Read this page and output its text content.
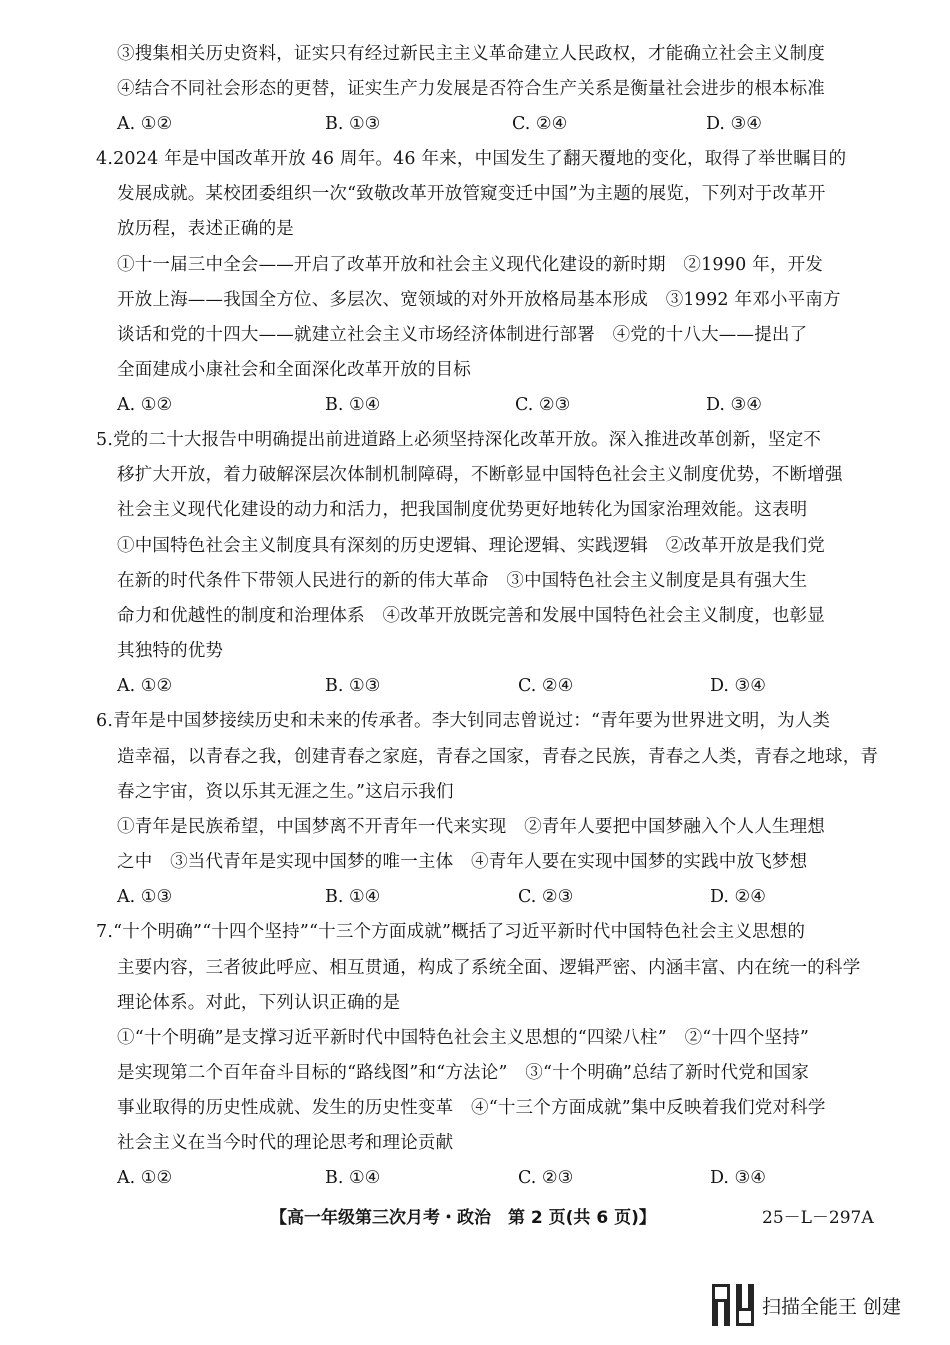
③搜集相关历史资料，证实只有经过新民主主义革命建立人民政权，才能确立社会主义制度
④结合不同社会形态的更替，证实生产力发展是否符合生产关系是衡量社会进步的根本标准
4.2024 年是中国改革开放 46 周年。46 年来，中国发生了翻天覆地的变化，取得了举世瞩目的
发展成就。某校团委组织一次“致敬改革开放管窥变迁中国”为主题的展览，下列对于改革开
放历程，表述正确的是
①十一届三中全会——开启了改革开放和社会主义现代化建设的新时期　②1990 年，开发
开放上海——我国全方位、多层次、宽领域的对外开放格局基本形成　③1992 年邓小平南方
谈话和党的十四大——就建立社会主义市场经济体制进行部署　④党的十八大——提出了
全面建成小康社会和全面深化改革开放的目标
5.党的二十大报告中明确提出前进道路上必须坚持深化改革开放。深入推进改革创新，坚定不
移扩大开放，着力破解深层次体制机制障碍，不断彰显中国特色社会主义制度优势，不断增强
社会主义现代化建设的动力和活力，把我国制度优势更好地转化为国家治理效能。这表明
①中国特色社会主义制度具有深刻的历史逻辑、理论逻辑、实践逻辑　②改革开放是我们党
在新的时代条件下带领人民进行的新的伟大革命　③中国特色社会主义制度是具有强大生
命力和优越性的制度和治理体系　④改革开放既完善和发展中国特色社会主义制度，也彰显
其独特的优势
6.青年是中国梦接续历史和未来的传承者。李大钊同志曾说过：“青年要为世界进文明，为人类
造幸福，以青春之我，创建青春之家庭，青春之国家，青春之民族，青春之人类，青春之地球，青
春之宇宙，资以乐其无涯之生。”这启示我们
①青年是民族希望，中国梦离不开青年一代来实现　②青年人要把中国梦融入个人人生理想
之中　③当代青年是实现中国梦的唯一主体　④青年人要在实现中国梦的实践中放飞梦想
7.“十个明确”“十四个坚持”“十三个方面成就”概括了习近平新时代中国特色社会主义思想的
主要内容，三者彼此呼应、相互贯通，构成了系统全面、逻辑严密、内涵丰富、内在统一的科学
理论体系。对此，下列认识正确的是
①“十个明确”是支撑习近平新时代中国特色社会主义思想的“四梁八柱”　②“十四个坚持”
是实现第二个百年奋斗目标的“路线图”和“方法论”　③“十个明确”总结了新时代党和国家
事业取得的历史性成就、发生的历史性变革　④“十三个方面成就”集中反映着我们党对科学
社会主义在当今时代的理论思考和理论贡献
A. ①②	B. ①③	C. ②④	D. ③④
A. ①②	B. ①④	C. ②③	D. ③④
A. ①②	B. ①③	C. ②④	D. ③④
A. ①③	B. ①④	C. ②③	D. ②④
A. ①②	B. ①④	C. ②③	D. ③④
【高一年级第三次月考・政治　第 2 页(共 6 页)】	25－L－297A
扫描全能王 创建
